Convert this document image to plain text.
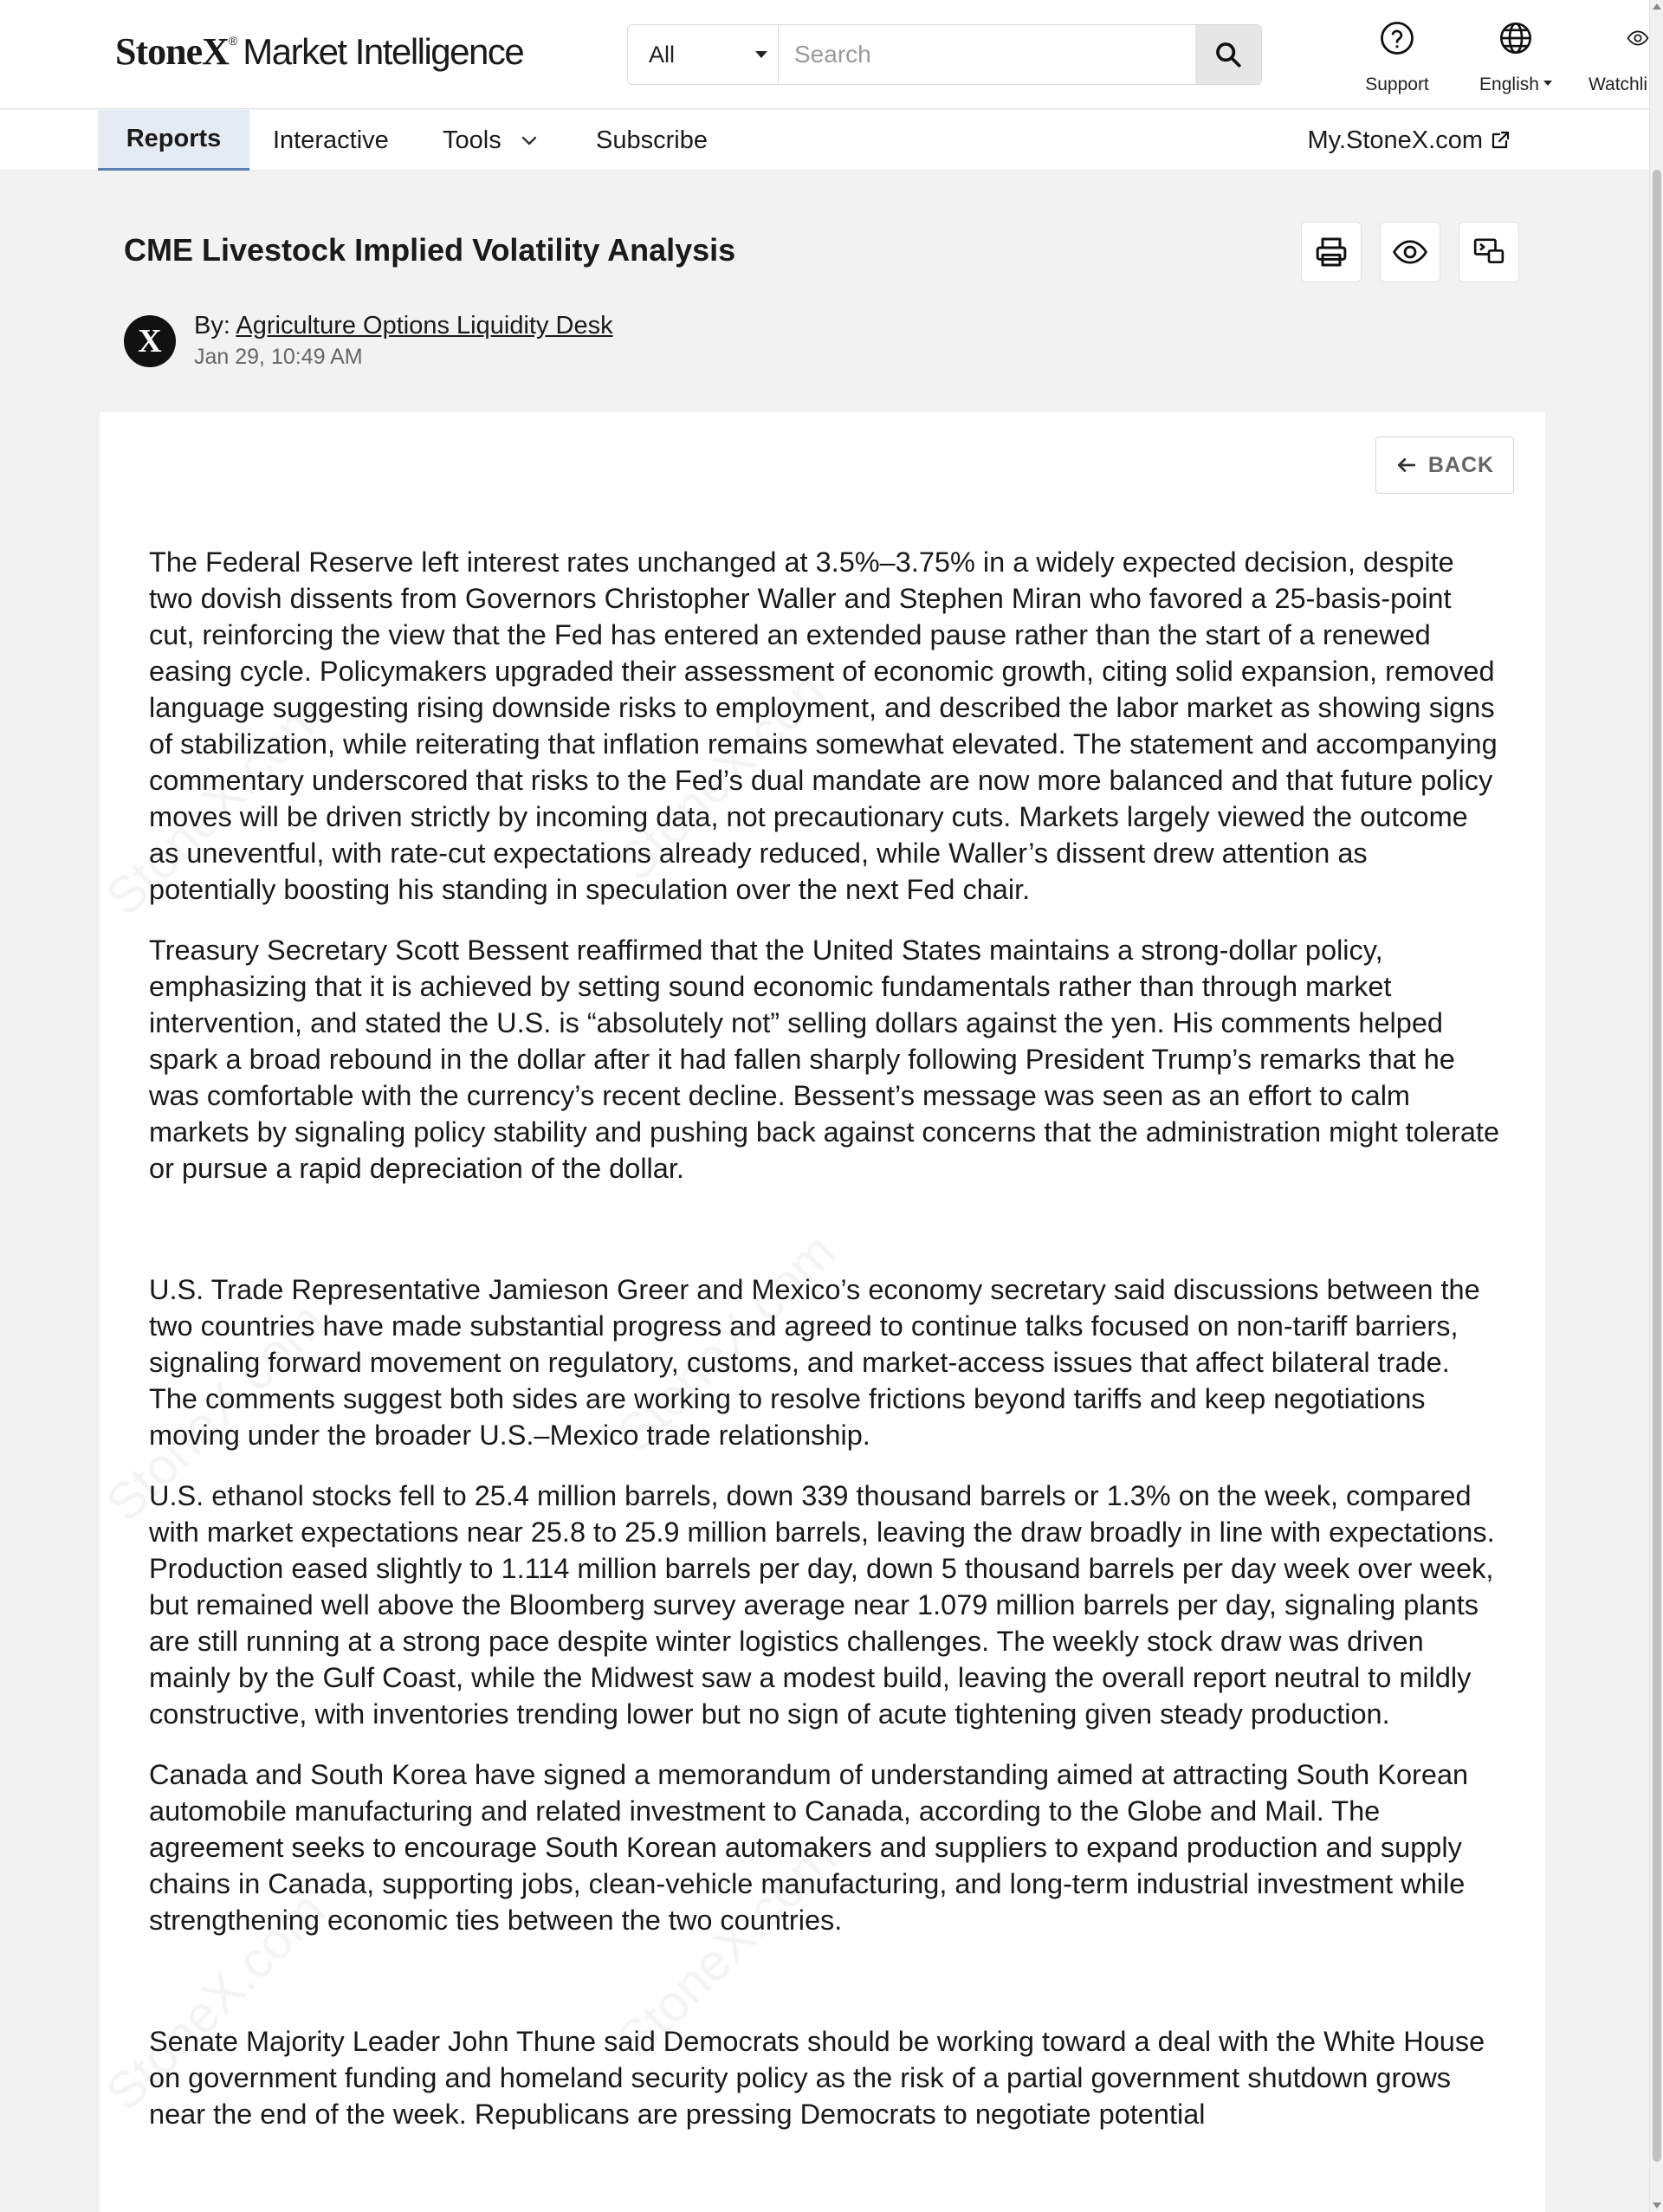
StoneX ® Market Intelligence	All
Search
Support	English	Watchli
Reports Interactive Tools	Subscribe	My.StoneX.com
CME Livestock Implied Volatility Analysis
X	By: Agriculture Options Liquidity Desk
Jan 29, 10:49 AM
BACK

The Federal Reserve left interest rates unchanged at 3.5%–3.75% in a widely expected decision, despite two dovish dissents from Governors Christopher Waller and Stephen Miran who favored a 25-basis-point cut, reinforcing the view that the Fed has entered an extended pause rather than the start of a renewed easing cycle. Policymakers upgraded their assessment of economic growth, citing solid expansion, removed language suggesting rising downside risks to employment, and described the labor market as showing signs of stabilization, while reiterating that inflation remains somewhat elevated. The statement and accompanying commentary underscored that risks to the Fed’s dual mandate are now more balanced and that future policy moves will be driven strictly by incoming data, not precautionary cuts. Markets largely viewed the outcome as uneventful, with rate-cut expectations already reduced, while Waller’s dissent drew attention as potentially boosting his standing in speculation over the next Fed chair.

Treasury Secretary Scott Bessent reaffirmed that the United States maintains a strong-dollar policy, emphasizing that it is achieved by setting sound economic fundamentals rather than through market intervention, and stated the U.S. is “absolutely not” selling dollars against the yen. His comments helped spark a broad rebound in the dollar after it had fallen sharply following President Trump’s remarks that he was comfortable with the currency’s recent decline. Bessent’s message was seen as an effort to calm markets by signaling policy stability and pushing back against concerns that the administration might tolerate or pursue a rapid depreciation of the dollar.

U.S. Trade Representative Jamieson Greer and Mexico’s economy secretary said discussions between the two countries have made substantial progress and agreed to continue talks focused on non-tariff barriers, signaling forward movement on regulatory, customs, and market-access issues that affect bilateral trade. The comments suggest both sides are working to resolve frictions beyond tariffs and keep negotiations moving under the broader U.S.–Mexico trade relationship.

U.S. ethanol stocks fell to 25.4 million barrels, down 339 thousand barrels or 1.3% on the week, compared with market expectations near 25.8 to 25.9 million barrels, leaving the draw broadly in line with expectations. Production eased slightly to 1.114 million barrels per day, down 5 thousand barrels per day week over week, but remained well above the Bloomberg survey average near 1.079 million barrels per day, signaling plants are still running at a strong pace despite winter logistics challenges. The weekly stock draw was driven mainly by the Gulf Coast, while the Midwest saw a modest build, leaving the overall report neutral to mildly constructive, with inventories trending lower but no sign of acute tightening given steady production.

Canada and South Korea have signed a memorandum of understanding aimed at attracting South Korean automobile manufacturing and related investment to Canada, according to the Globe and Mail. The agreement seeks to encourage South Korean automakers and suppliers to expand production and supply chains in Canada, supporting jobs, clean-vehicle manufacturing, and long-term industrial investment while strengthening economic ties between the two countries.

Senate Majority Leader John Thune said Democrats should be working toward a deal with the White House on government funding and homeland security policy as the risk of a partial government shutdown grows near the end of the week. Republicans are pressing Democrats to negotiate potential
